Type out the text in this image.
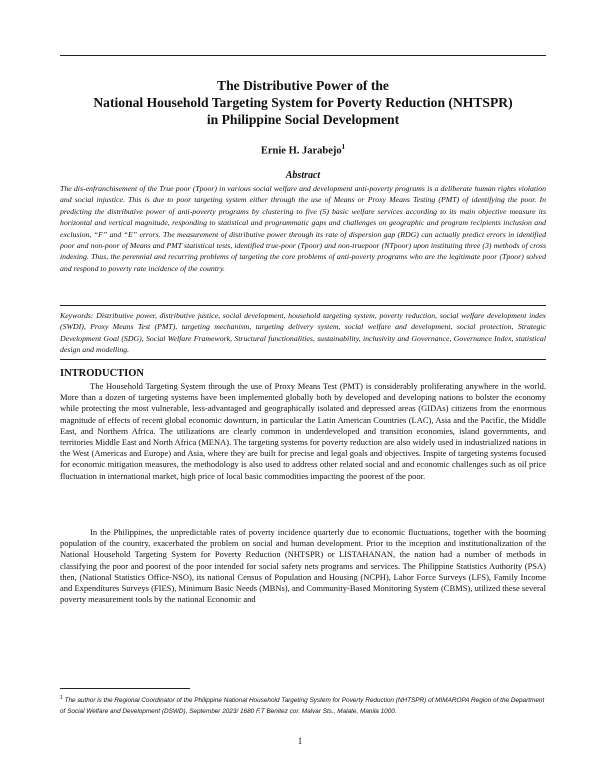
The Distributive Power of the
National Household Targeting System for Poverty Reduction (NHTSPR)
in Philippine Social Development
Ernie H. Jarabejo$^1$
Abstract
The dis-enfranchisement of the True poor (Tpoor) in various social welfare and development anti-poverty programs is a deliberate human rights violation and social injustice. This is due to poor targeting system either through the use of Means or Proxy Means Testing (PMT) of identifying the poor. In predicting the distributive power of anti-poverty programs by clustering to five (5) basic welfare services according to its main objective measure its horizontal and vertical magnitude, responding to statistical and programmatic gaps and challenges on geographic and program recipients inclusion and exclusion, “F” and “E” errors. The measurement of distributive power through its rate of dispersion gap (RDG) can actually predict errors in identified poor and non-poor of Means and PMT statistical tests, identified true-poor (Tpoor) and non-truepoor (NTpoor) upon instituting three (3) methods of cross indexing. Thus, the perennial and recurring problems of targeting the core problems of anti-poverty programs who are the legitimate poor (Tpoor) solved and respond to poverty rate incidence of the country.
Keywords: Distributive power, distributive justice, social development, household targeting system, poverty reduction, social welfare development index (SWDI), Proxy Means Test (PMT), targeting mechanism, targeting delivery system, social welfare and development, social protection, Strategic Development Goal (SDG), Social Welfare Framework, Structural functionalities, sustainability, inclusivity and Governance, Governance Index, statistical design and modelling.
INTRODUCTION
The Household Targeting System through the use of Proxy Means Test (PMT) is considerably proliferating anywhere in the world. More than a dozen of targeting systems have been implemented globally both by developed and developing nations to bolster the economy while protecting the most vulnerable, less-advantaged and geographically isolated and depressed areas (GIDAs) citizens from the enormous magnitude of effects of recent global economic downturn, in particular the Latin American Countries (LAC), Asia and the Pacific, the Middle East, and Northern Africa. The utilizations are clearly common in underdeveloped and transition economies, island governments, and territories Middle East and North Africa (MENA). The targeting systems for poverty reduction are also widely used in industrialized nations in the West (Americas and Europe) and Asia, where they are built for precise and legal goals and objectives. Inspite of targeting systems focused for economic mitigation measures, the methodology is also used to address other related social and and economic challenges such as oil price fluctuation in international market, high price of local basic commodities impacting the poorest of the poor.
In the Philippines, the unpredictable rates of poverty incidence quarterly due to economic fluctuations, together with the booming population of the country, exacerbated the problem on social and human development. Prior to the inception and institutionalization of the National Household Targeting System for Poverty Reduction (NHTSPR) or LISTAHANAN, the nation had a number of methods in classifying the poor and poorest of the poor intended for social safety nets programs and services. The Philippine Statistics Authority (PSA) then, (National Statistics Office-NSO), its national Census of Population and Housing (NCPH), Labor Force Surveys (LFS), Family Income and Expenditures Surveys (FIES), Minimum Basic Needs (MBNs), and Community-Based Monitoring System (CBMS), utilized these several poverty measurement tools by the national Economic and
$^1$ The author is the Regional Coordinator of the Philippine National Household Targeting System for Poverty Reduction (NHTSPR) of MIMAROPA Region of the Department of Social Welfare and Development (DSWD), September 2023/ 1680 F.T Benitez cor. Malvar Sts., Malate, Manila 1000.
1
